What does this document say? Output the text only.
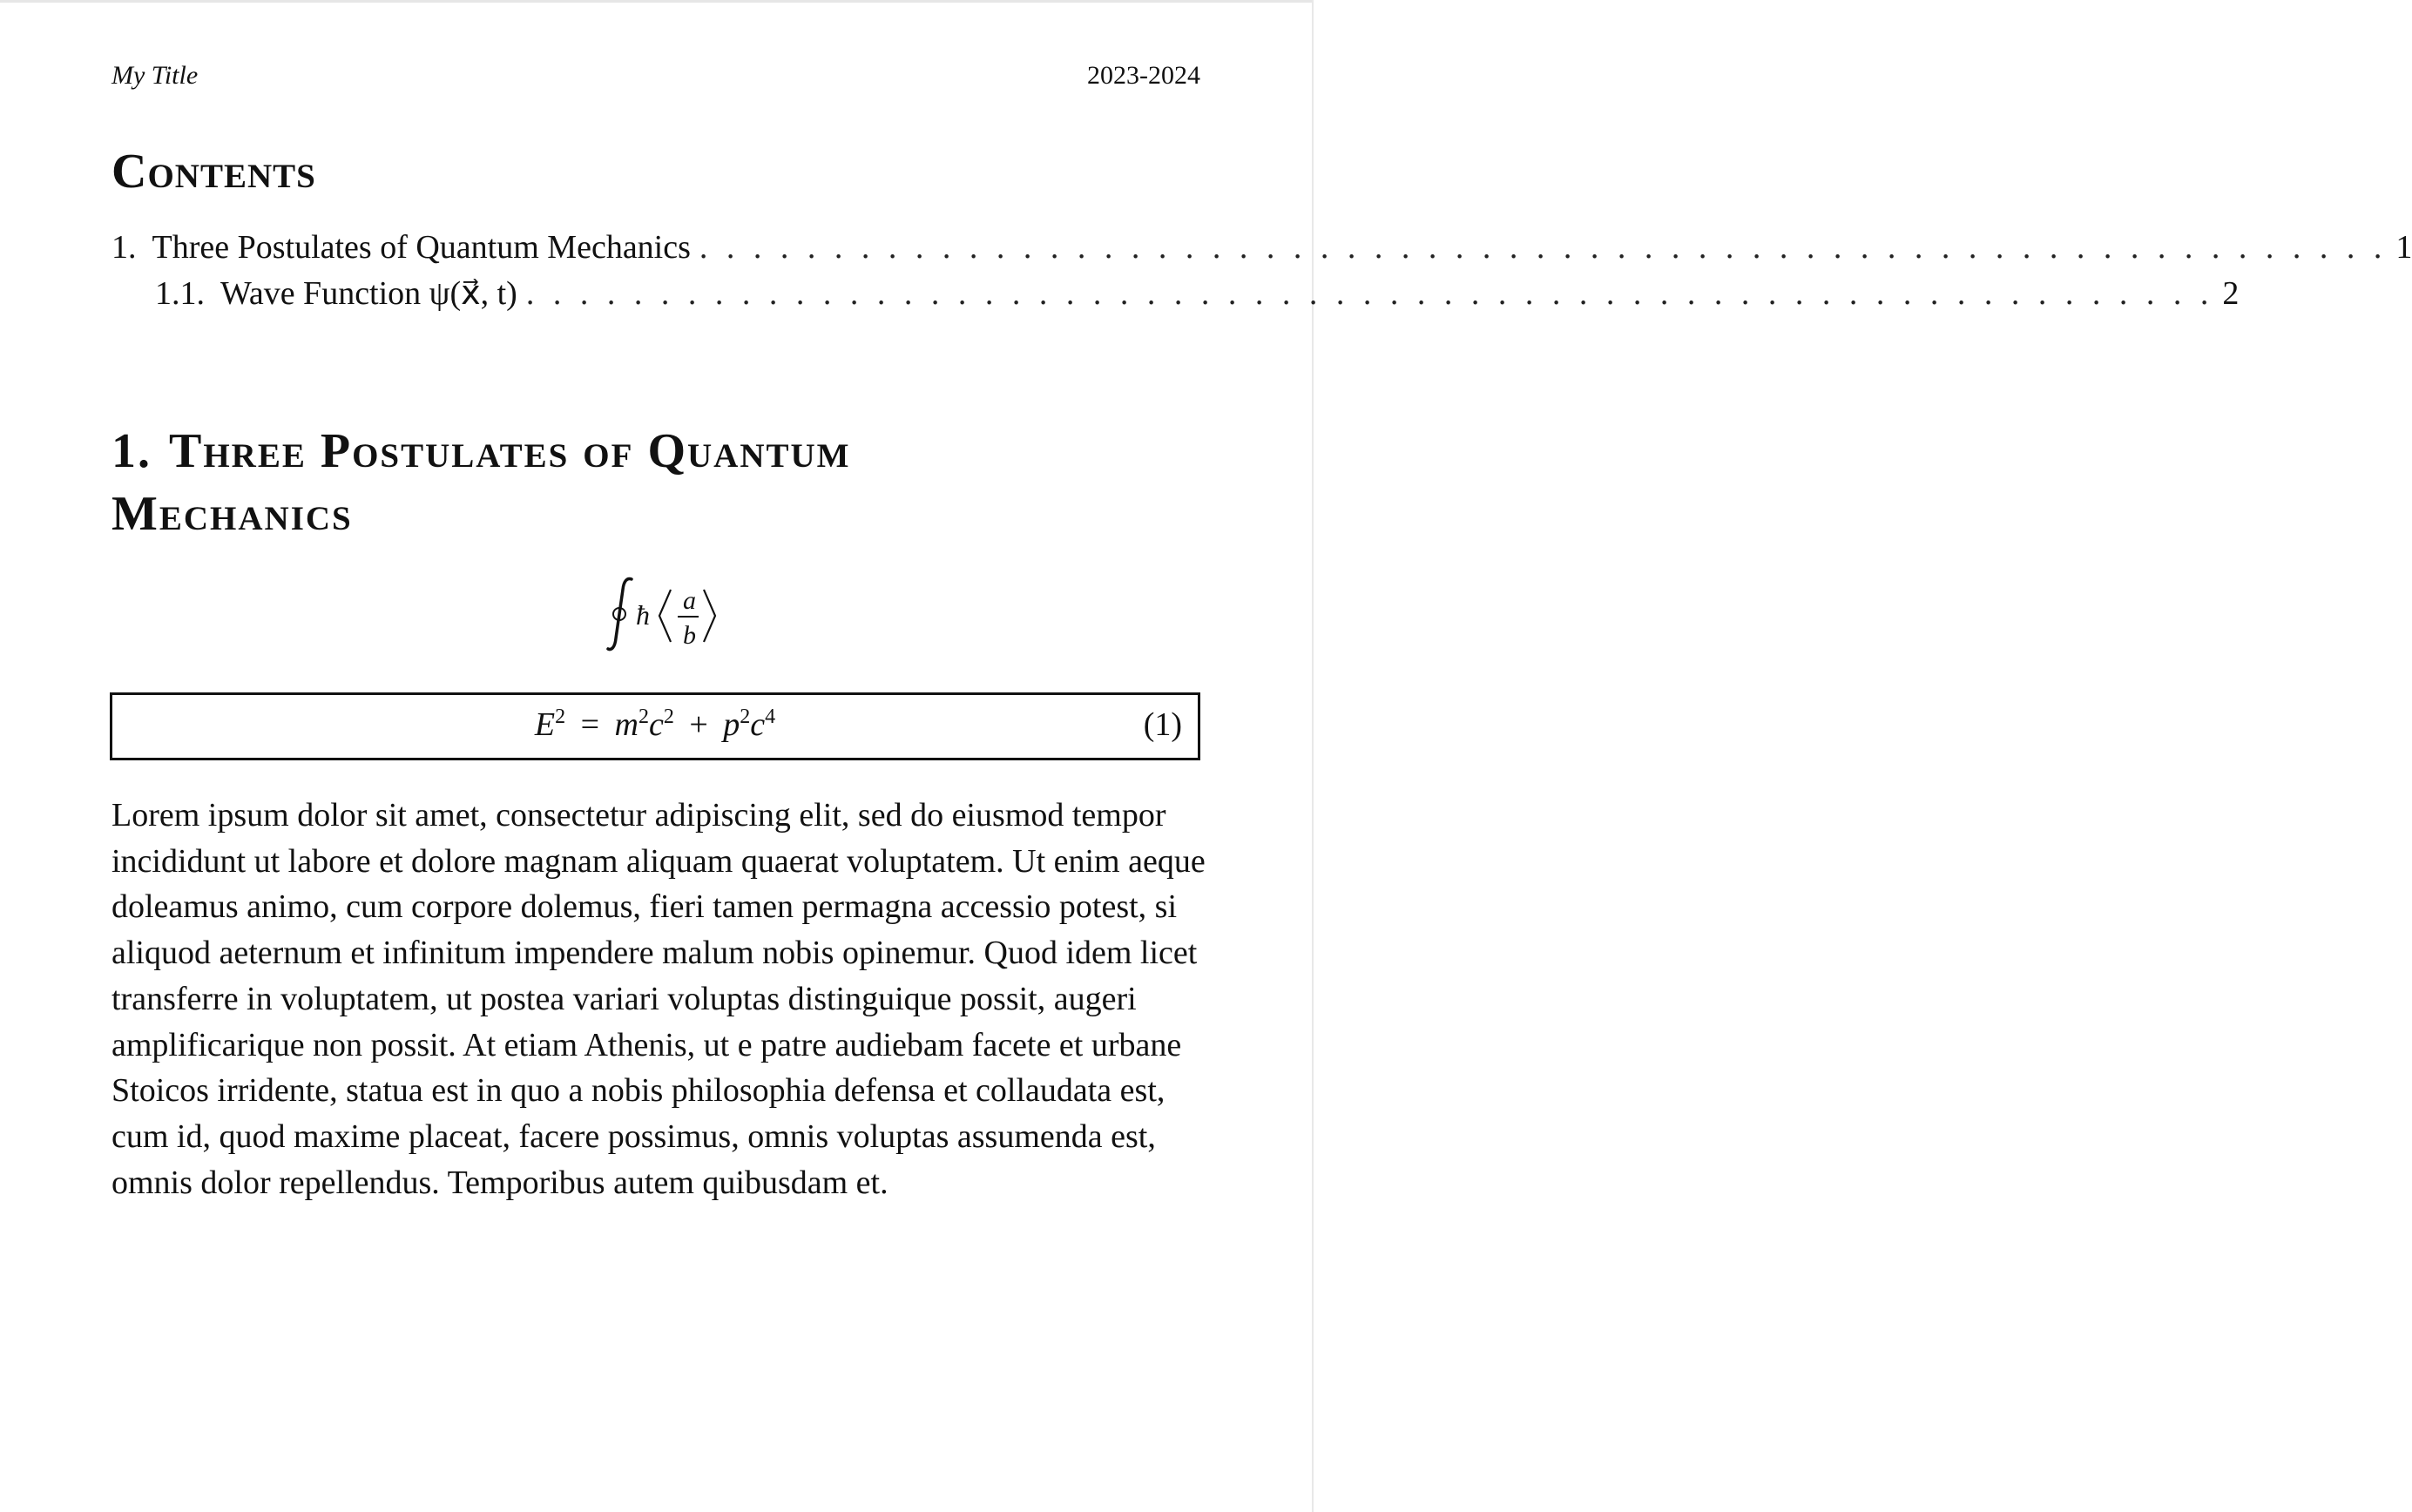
My Title	2023-2024
Contents
1. Three Postulates of Quantum Mechanics . . . . . . . . . . . . . . . . . . . . . . . . . . . . . . . . . . . . . . . . . . . . . . . . . . . . . . . . . . . . . . . 1
1.1. Wave Function ψ(x⃗, t) . . . . . . . . . . . . . . . . . . . . . . . . . . . . . . . . . . . . . . . . . . . . . . . . . . . . . . . . . . . . . . . 2
1. Three Postulates of Quantum Mechanics
ħ a
b
$E^2 = m^2c^2 + p^2c^4$	(1)

Lorem ipsum dolor sit amet, consectetur adipiscing elit, sed do eiusmod tempor incididunt ut labore et dolore magnam aliquam quaerat voluptatem. Ut enim aeque doleamus animo, cum corpore dolemus, fieri tamen permagna accessio potest, si aliquod aeternum et infinitum impendere malum nobis opinemur. Quod idem licet transferre in voluptatem, ut postea variari voluptas distinguique possit, augeri amplificarique non possit. At etiam Athenis, ut e patre audiebam facete et urbane Stoicos irridente, statua est in quo a nobis philosophia defensa et collaudata est, cum id, quod maxime placeat, facere possimus, omnis voluptas assumenda est, omnis dolor repellendus. Temporibus autem quibusdam et.
